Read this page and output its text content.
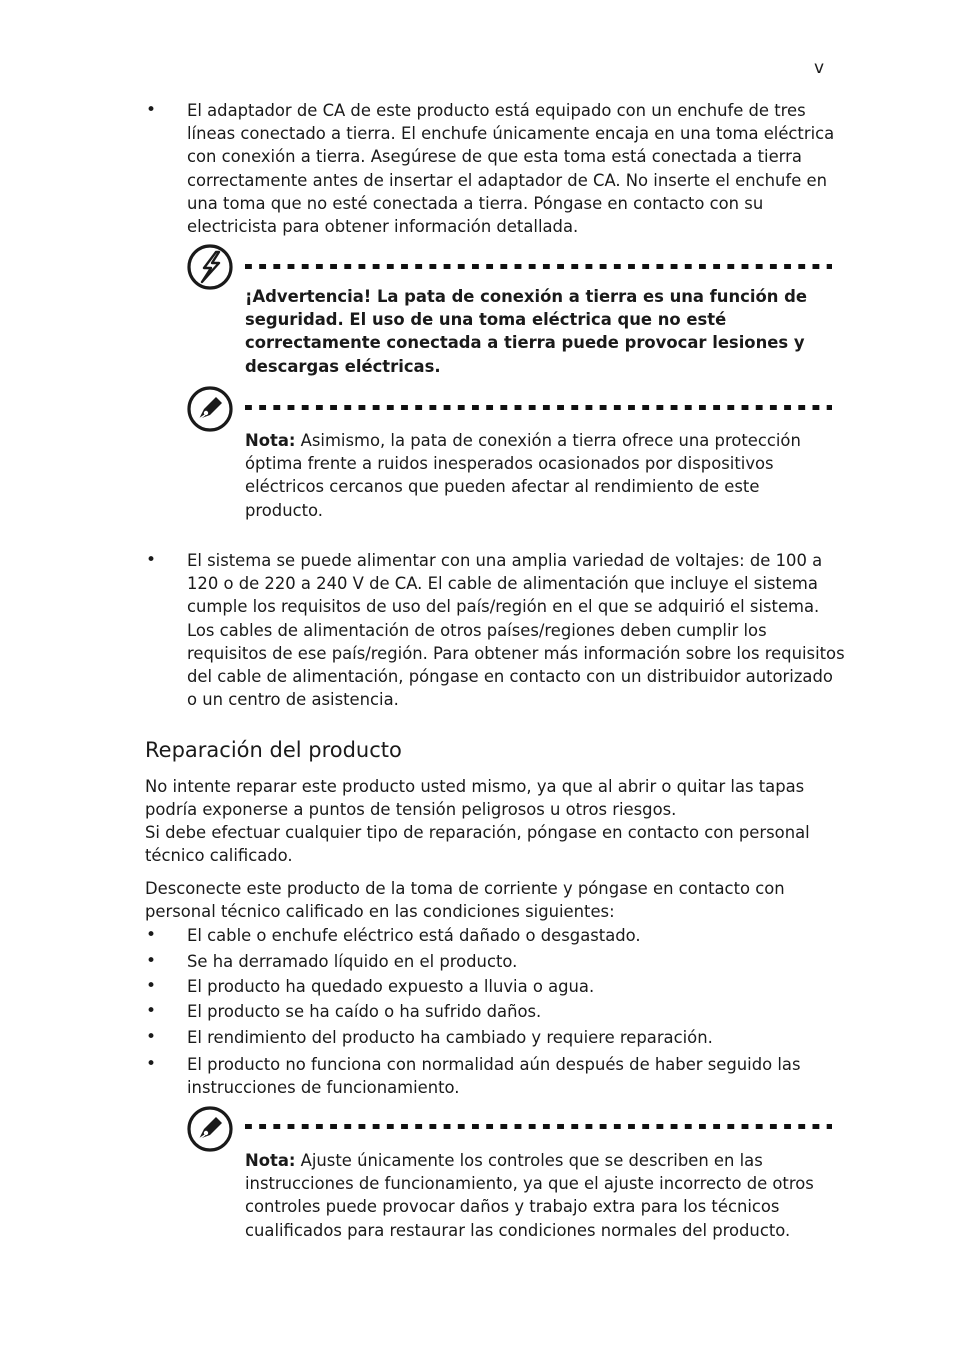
v
•	El adaptador de CA de este producto está equipado con un enchufe de tres líneas conectado a tierra. El enchufe únicamente encaja en una toma eléctrica con conexión a tierra. Asegúrese de que esta toma está conectada a tierra correctamente antes de insertar el adaptador de CA. No inserte el enchufe en una toma que no esté conectada a tierra. Póngase en contacto con su electricista para obtener información detallada.

¡Advertencia! La pata de conexión a tierra es una función de seguridad. El uso de una toma eléctrica que no esté correctamente conectada a tierra puede provocar lesiones y descargas eléctricas.

Nota: Asimismo, la pata de conexión a tierra ofrece una protección óptima frente a ruidos inesperados ocasionados por dispositivos eléctricos cercanos que pueden afectar al rendimiento de este producto.

•	El sistema se puede alimentar con una amplia variedad de voltajes: de 100 a 120 o de 220 a 240 V de CA. El cable de alimentación que incluye el sistema cumple los requisitos de uso del país/región en el que se adquirió el sistema. Los cables de alimentación de otros países/regiones deben cumplir los requisitos de ese país/región. Para obtener más información sobre los requisitos del cable de alimentación, póngase en contacto con un distribuidor autorizado o un centro de asistencia.

Reparación del producto

No intente reparar este producto usted mismo, ya que al abrir o quitar las tapas podría exponerse a puntos de tensión peligrosos u otros riesgos.

Si debe efectuar cualquier tipo de reparación, póngase en contacto con personal técnico calificado.

Desconecte este producto de la toma de corriente y póngase en contacto con personal técnico calificado en las condiciones siguientes:

•	El cable o enchufe eléctrico está dañado o desgastado.

•	Se ha derramado líquido en el producto.

•	El producto ha quedado expuesto a lluvia o agua.

•	El producto se ha caído o ha sufrido daños.

•	El rendimiento del producto ha cambiado y requiere reparación.

•	El producto no funciona con normalidad aún después de haber seguido las instrucciones de funcionamiento.

Nota: Ajuste únicamente los controles que se describen en las instrucciones de funcionamiento, ya que el ajuste incorrecto de otros controles puede provocar daños y trabajo extra para los técnicos cualificados para restaurar las condiciones normales del producto.
